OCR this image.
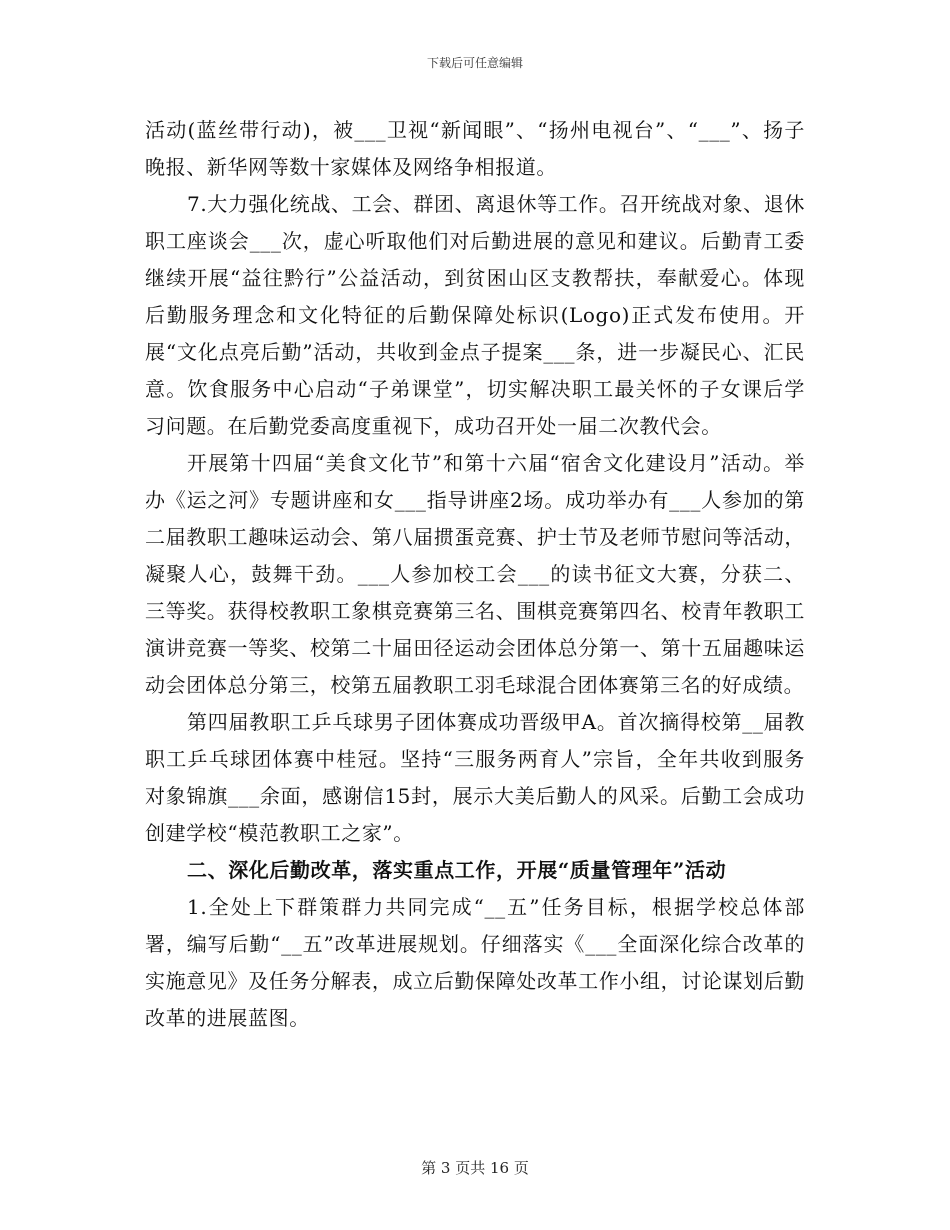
下载后可任意编辑

活动(蓝丝带行动)，被___卫视“新闻眼”、“扬州电视台”、“___”、扬子晚报、新华网等数十家媒体及网络争相报道。

7.大力强化统战、工会、群团、离退休等工作。召开统战对象、退休职工座谈会___次，虚心听取他们对后勤进展的意见和建议。后勤青工委继续开展“益往黔行”公益活动，到贫困山区支教帮扶，奉献爱心。体现后勤服务理念和文化特征的后勤保障处标识(Logo)正式发布使用。开展“文化点亮后勤”活动，共收到金点子提案___条，进一步凝民心、汇民意。饮食服务中心启动“子弟课堂”，切实解决职工最关怀的子女课后学习问题。在后勤党委高度重视下，成功召开处一届二次教代会。

开展第十四届“美食文化节”和第十六届“宿舍文化建设月”活动。举办《运之河》专题讲座和女___指导讲座2场。成功举办有___人参加的第二届教职工趣味运动会、第八届掼蛋竞赛、护士节及老师节慰问等活动，凝聚人心，鼓舞干劲。___人参加校工会___的读书征文大赛，分获二、三等奖。获得校教职工象棋竞赛第三名、围棋竞赛第四名、校青年教职工演讲竞赛一等奖、校第二十届田径运动会团体总分第一、第十五届趣味运动会团体总分第三，校第五届教职工羽毛球混合团体赛第三名的好成绩。

第四届教职工乒乓球男子团体赛成功晋级甲A。首次摘得校第__届教职工乒乓球团体赛中桂冠。坚持“三服务两育人”宗旨，全年共收到服务对象锦旗___余面，感谢信15封，展示大美后勤人的风采。后勤工会成功创建学校“模范教职工之家”。

二、深化后勤改革，落实重点工作，开展“质量管理年”活动

1.全处上下群策群力共同完成“__五”任务目标，根据学校总体部署，编写后勤“__五”改革进展规划。仔细落实《___全面深化综合改革的实施意见》及任务分解表，成立后勤保障处改革工作小组，讨论谋划后勤改革的进展蓝图。

第 3 页共 16 页
